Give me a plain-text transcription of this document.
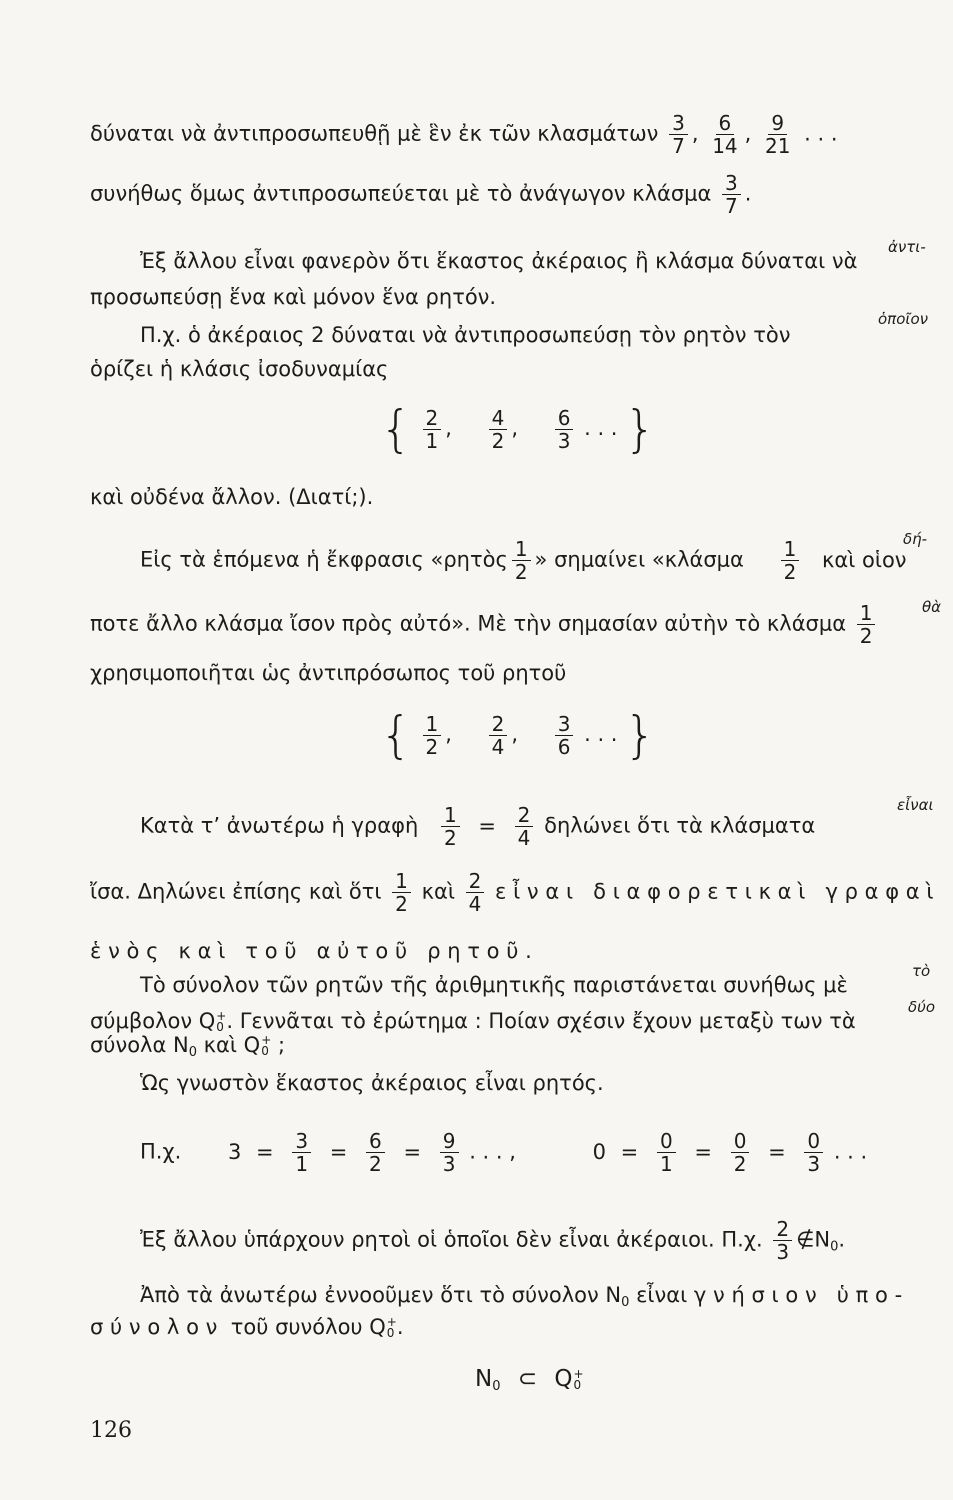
δύναται νὰ ἀντιπροσωπευθῇ μὲ ἓν ἐκ τῶν κλασμάτων $\frac{3}{7}$ , $\frac{6}{14}$ , $\frac{9}{21}$ . . .
συνήθως ὅμως ἀντιπροσωπεύεται μὲ τὸ ἀνάγωγον κλάσμα $\frac{3}{7}$ .
Ἐξ ἄλλου εἶναι φανερὸν ὅτι ἕκαστος ἀκέραιος ἢ κλάσμα δύναται νὰ
ἀντι-
προσωπεύσῃ ἕνα καὶ μόνον ἕνα ρητόν.
Π.χ. ὁ ἀκέραιος 2 δύναται νὰ ἀντιπροσωπεύσῃ τὸν ρητὸν τὸν
ὁποῖον
ὁρίζει ἡ κλάσις ἰσοδυναμίας
{ $\frac{2}{1}$ , $\frac{4}{2}$ , $\frac{6}{3}$ . . . }
καὶ οὐδένα ἄλλον. (Διατί;).
Εἰς τὰ ἑπόμενα ἡ ἔκφρασις «ρητὸς $\frac{1}{2}$ » σημαίνει «$\kappa\lambda ά\sigma\mu\alpha \frac{1}{2}$ καὶ οἱον
δή-
ποτε ἄλλο κλάσμα ἴσον πρὸς αὐτό». Μὲ τὴν σημασίαν αὐτὴν τὸ κλάσμα $\frac{1}{2}$	θὰ
χρησιμοποιῆται ὡς ἀντιπρόσωπος τοῦ ρητοῦ
{ $\frac{1}{2}$ , $\frac{2}{4}$ , $\frac{3}{6}$ . . . }
Κατὰ τ’ ἀνωτέρω ἡ γραφὴ $\frac{1}{2} = \frac{2}{4}$ δηλώνει ὅτι τὰ κλάσματα
εἶναι
ἴσα. Δηλώνει ἐπίσης καὶ ὅτι $\frac{1}{2}$ καὶ $\frac{2}{4}$ εἶναι διαφορετικαὶ γραφαὶ
ἑνὸς καὶ τοῦ αὐτοῦ ρητοῦ.
Τὸ σύνολον τῶν ρητῶν τῆς ἀριθμητικῆς παριστάνεται συνήθως μὲ
τὸ
σύμβολον Q +
0 . Γεννᾶται τὸ ἐρώτημα : Ποίαν σχέσιν ἔχουν μεταξὺ των τὰ
δύο
σύνολα $N_0$ καὶ Q +
0 ;
Ὡς γνωστὸν ἕκαστος ἀκέραιος εἶναι ρητός.
Π.χ. $3 = \frac{3}{1} = \frac{6}{2} = \frac{9}{3}$ . . . ,	$0 = \frac{0}{1} = \frac{0}{2} = \frac{0}{3}$ . . .
Ἐξ ἄλλου ὑπάρχουν ρητοὶ οἱ ὁποῖοι δὲν εἶναι ἀκέραιοι. Π.χ. $\frac{2}{3}$ $\notin N_0$.
Ἀπὸ τὰ ἀνωτέρω ἐννοοῦμεν ὅτι τὸ σύνολον $N_0$ εἶναι γνήσιον ὑπο-
σύνολον τοῦ συνόλου Q +
0 .
$N_0$ ⊂ Q +
0
126
